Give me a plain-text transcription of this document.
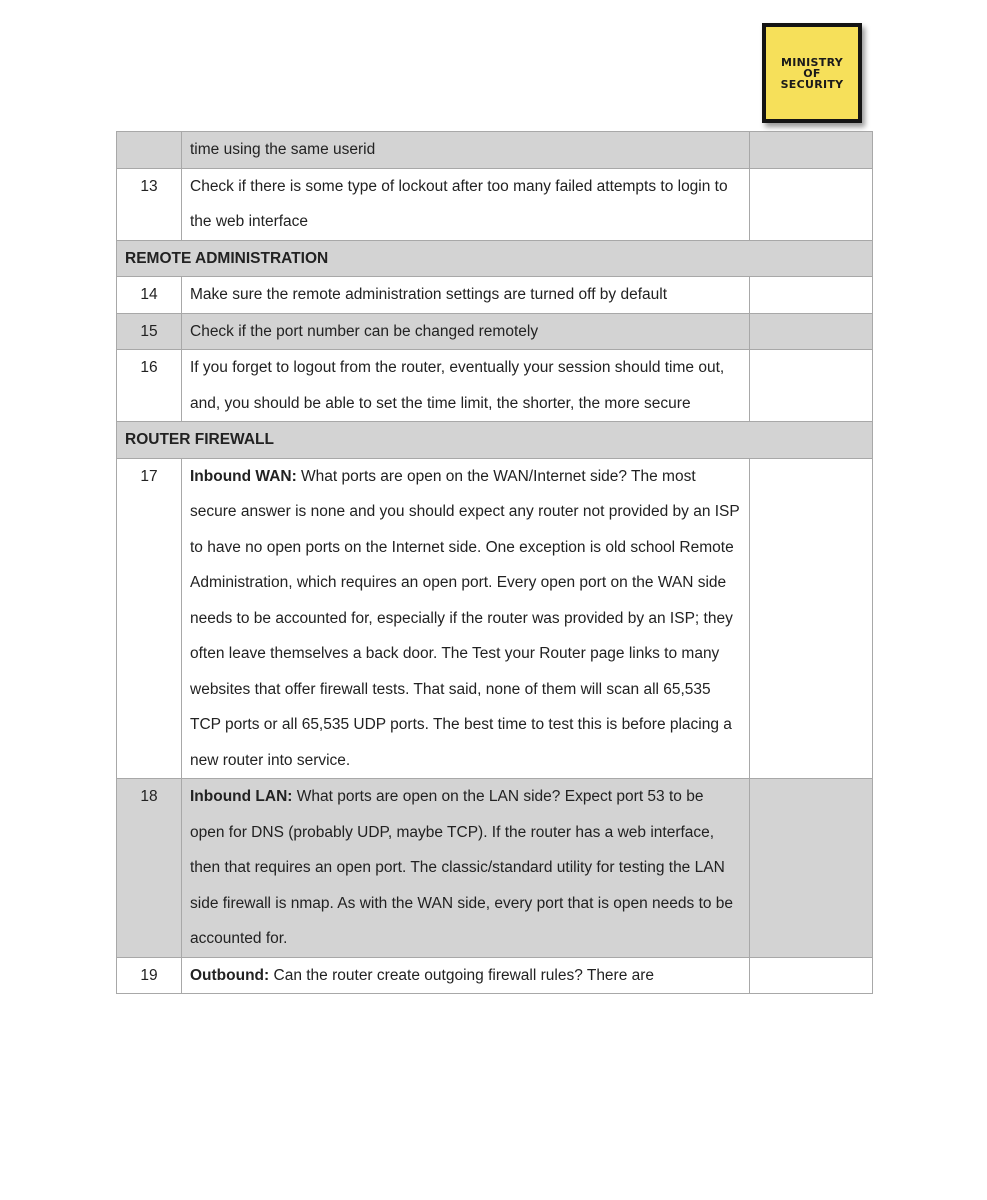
MINISTRY
OF
SECURITY
	time using the same userid	
13	Check if there is some type of lockout after too many failed attempts to login to the web interface	
REMOTE ADMINISTRATION		
14	Make sure the remote administration settings are turned off by default	
15	Check if the port number can be changed remotely	
16	If you forget to logout from the router, eventually your session should time out, and, you should be able to set the time limit, the shorter, the more secure	
ROUTER FIREWALL		
17	Inbound WAN: What ports are open on the WAN/Internet side? The most secure answer is none and you should expect any router not provided by an ISP to have no open ports on the Internet side. One exception is old school Remote Administration, which requires an open port. Every open port on the WAN side needs to be accounted for, especially if the router was provided by an ISP; they often leave themselves a back door. The Test your Router page links to many websites that offer firewall tests. That said, none of them will scan all 65,535 TCP ports or all 65,535 UDP ports. The best time to test this is before placing a new router into service.	
18	Inbound LAN: What ports are open on the LAN side? Expect port 53 to be open for DNS (probably UDP, maybe TCP). If the router has a web interface, then that requires an open port. The classic/standard utility for testing the LAN side firewall is nmap. As with the WAN side, every port that is open needs to be accounted for.	
19	Outbound: Can the router create outgoing firewall rules? There are	
